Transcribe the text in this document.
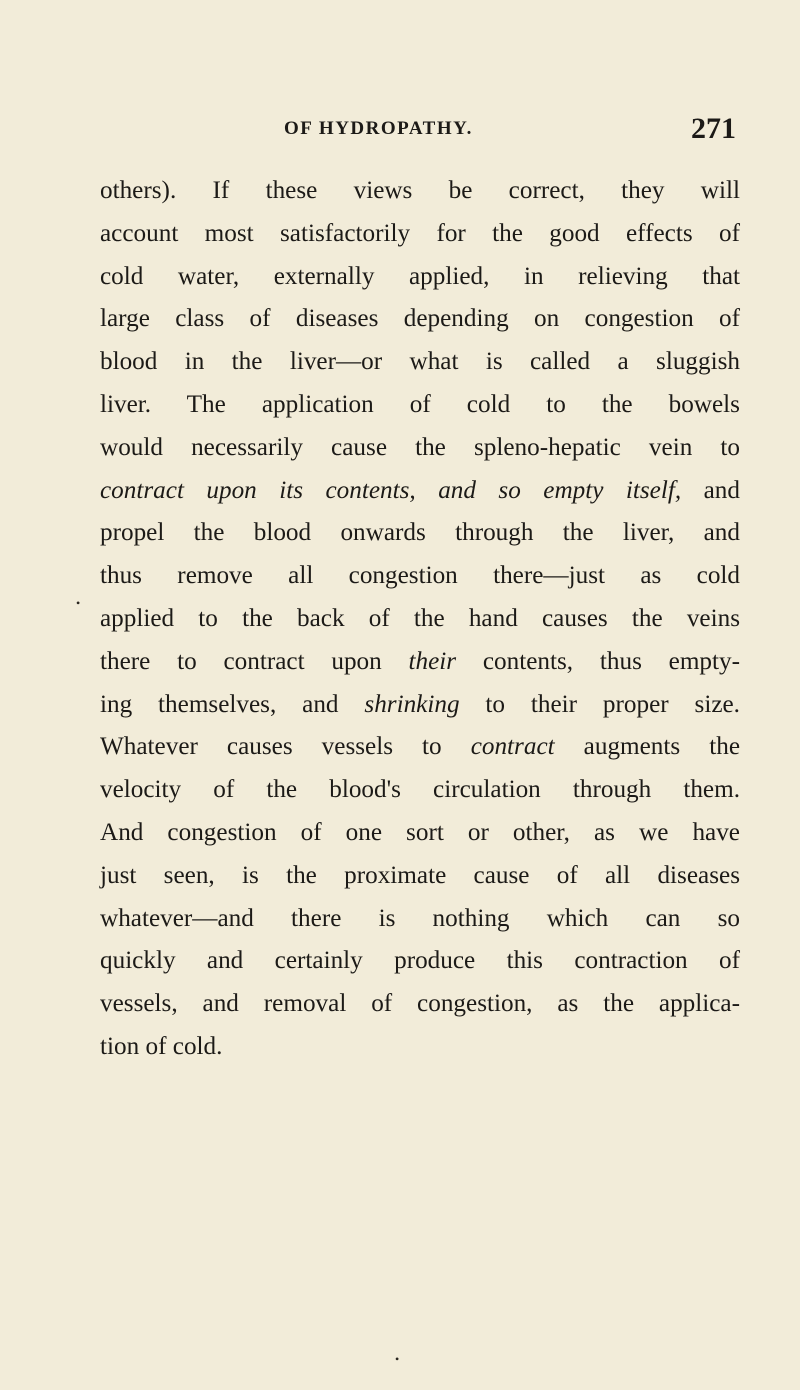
OF HYDROPATHY.	271
others). If these views be correct, they will
account most satisfactorily for the good effects of
cold water, externally applied, in relieving that
large class of diseases depending on congestion of
blood in the liver—or what is called a sluggish
liver. The application of cold to the bowels
would necessarily cause the spleno-hepatic vein to
contract upon its contents, and so empty itself, and
propel the blood onwards through the liver, and
thus remove all congestion there—just as cold
applied to the back of the hand causes the veins
there to contract upon their contents, thus empty-
ing themselves, and shrinking to their proper size.
Whatever causes vessels to contract augments the
velocity of the blood's circulation through them.
And congestion of one sort or other, as we have
just seen, is the proximate cause of all diseases
whatever—and there is nothing which can so
quickly and certainly produce this contraction of
vessels, and removal of congestion, as the applica-
tion of cold.
•
•
